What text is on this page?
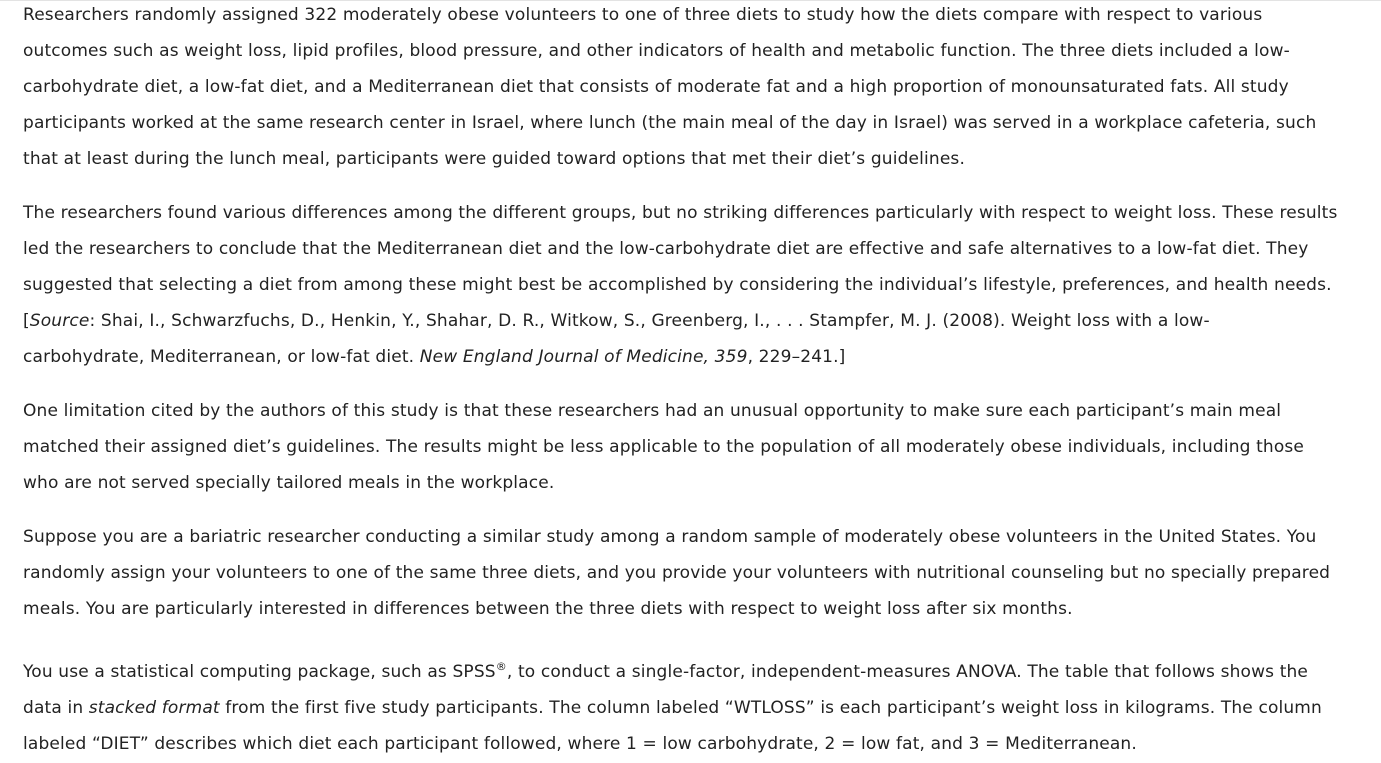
Researchers randomly assigned 322 moderately obese volunteers to one of three diets to study how the diets compare with respect to various
outcomes such as weight loss, lipid profiles, blood pressure, and other indicators of health and metabolic function. The three diets included a low-
carbohydrate diet, a low-fat diet, and a Mediterranean diet that consists of moderate fat and a high proportion of monounsaturated fats. All study
participants worked at the same research center in Israel, where lunch (the main meal of the day in Israel) was served in a workplace cafeteria, such
that at least during the lunch meal, participants were guided toward options that met their diet’s guidelines.
The researchers found various differences among the different groups, but no striking differences particularly with respect to weight loss. These results
led the researchers to conclude that the Mediterranean diet and the low-carbohydrate diet are effective and safe alternatives to a low-fat diet. They
suggested that selecting a diet from among these might best be accomplished by considering the individual’s lifestyle, preferences, and health needs.
[Source: Shai, I., Schwarzfuchs, D., Henkin, Y., Shahar, D. R., Witkow, S., Greenberg, I., . . . Stampfer, M. J. (2008). Weight loss with a low-
carbohydrate, Mediterranean, or low-fat diet. New England Journal of Medicine, 359, 229–241.]
One limitation cited by the authors of this study is that these researchers had an unusual opportunity to make sure each participant’s main meal
matched their assigned diet’s guidelines. The results might be less applicable to the population of all moderately obese individuals, including those
who are not served specially tailored meals in the workplace.
Suppose you are a bariatric researcher conducting a similar study among a random sample of moderately obese volunteers in the United States. You
randomly assign your volunteers to one of the same three diets, and you provide your volunteers with nutritional counseling but no specially prepared
meals. You are particularly interested in differences between the three diets with respect to weight loss after six months.
You use a statistical computing package, such as SPSS®, to conduct a single-factor, independent-measures ANOVA. The table that follows shows the
data in stacked format from the first five study participants. The column labeled “WTLOSS” is each participant’s weight loss in kilograms. The column
labeled “DIET” describes which diet each participant followed, where 1 = low carbohydrate, 2 = low fat, and 3 = Mediterranean.
